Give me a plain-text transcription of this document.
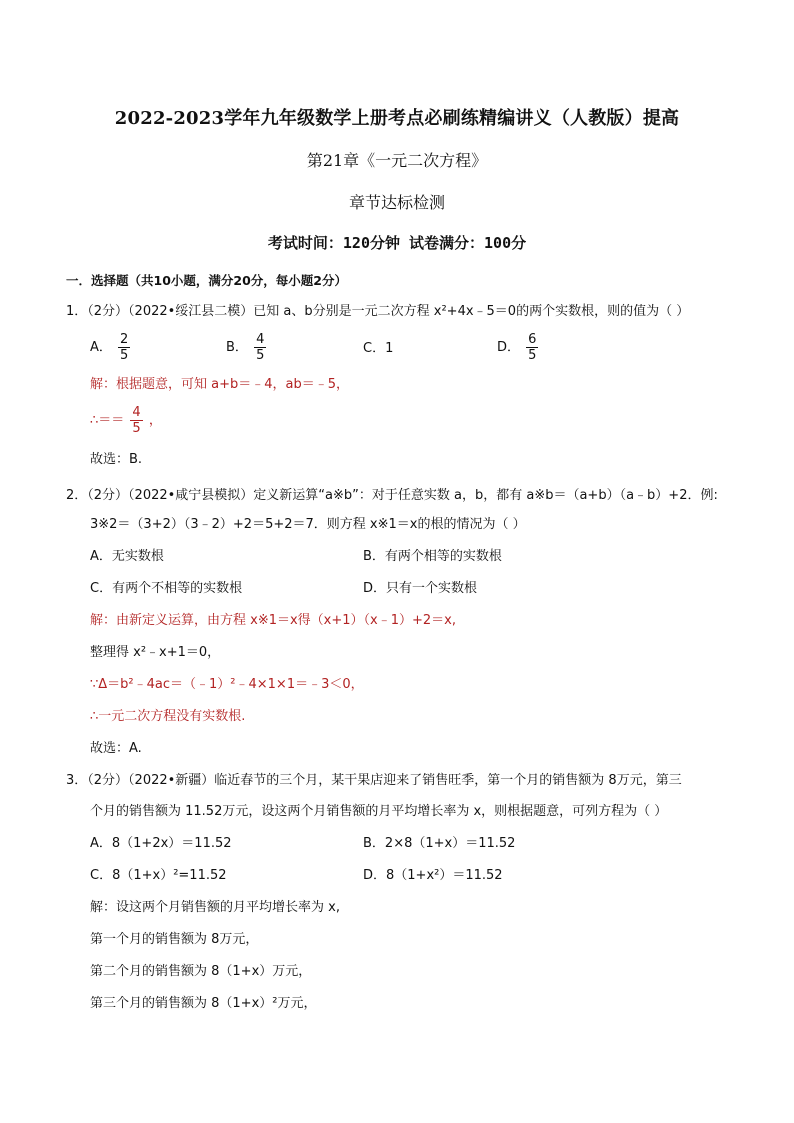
2022-2023学年九年级数学上册考点必刷练精编讲义（人教版）提高
第21章《一元二次方程》
章节达标检测
考试时间：120分钟 试卷满分：100分
一．选择题（共10小题，满分20分，每小题2分）
1．（2分）（2022•绥江县二模）已知 a、b分别是一元二次方程 x²+4x﹣5＝0的两个实数根，则的值为（ ）
A． $\frac{2}{5}$	B． $\frac{4}{5}$	C．1	D． $\frac{6}{5}$
解：根据题意，可知 a+b＝﹣4，ab＝﹣5，
∴＝＝ $\frac{4}{5}$ ，
故选：B.
2．（2分）（2022•咸宁县模拟）定义新运算“a※b”：对于任意实数 a，b，都有 a※b＝（a+b）（a﹣b）+2．例:
3※2＝（3+2）（3﹣2）+2＝5+2＝7．则方程 x※1＝x的根的情况为（ ）
A．无实数根	B．有两个相等的实数根
C．有两个不相等的实数根	D．只有一个实数根
解：由新定义运算，由方程 x※1＝x得（x+1）（x﹣1）+2＝x,
整理得 x²﹣x+1＝0，
∵Δ＝b²﹣4ac＝（﹣1）²﹣4×1×1＝﹣3＜0，
∴一元二次方程没有实数根.
故选：A.
3．（2分）（2022•新疆）临近春节的三个月，某干果店迎来了销售旺季，第一个月的销售额为 8万元，第三
个月的销售额为 11.52万元，设这两个月销售额的月平均增长率为 x，则根据题意，可列方程为（ ）
A．8（1+2x）＝11.52	B．2×8（1+x）＝11.52
C．8（1+x）²=11.52	D．8（1+x²）＝11.52
解：设这两个月销售额的月平均增长率为 x,
第一个月的销售额为 8万元，
第二个月的销售额为 8（1+x）万元，
第三个月的销售额为 8（1+x）²万元，
